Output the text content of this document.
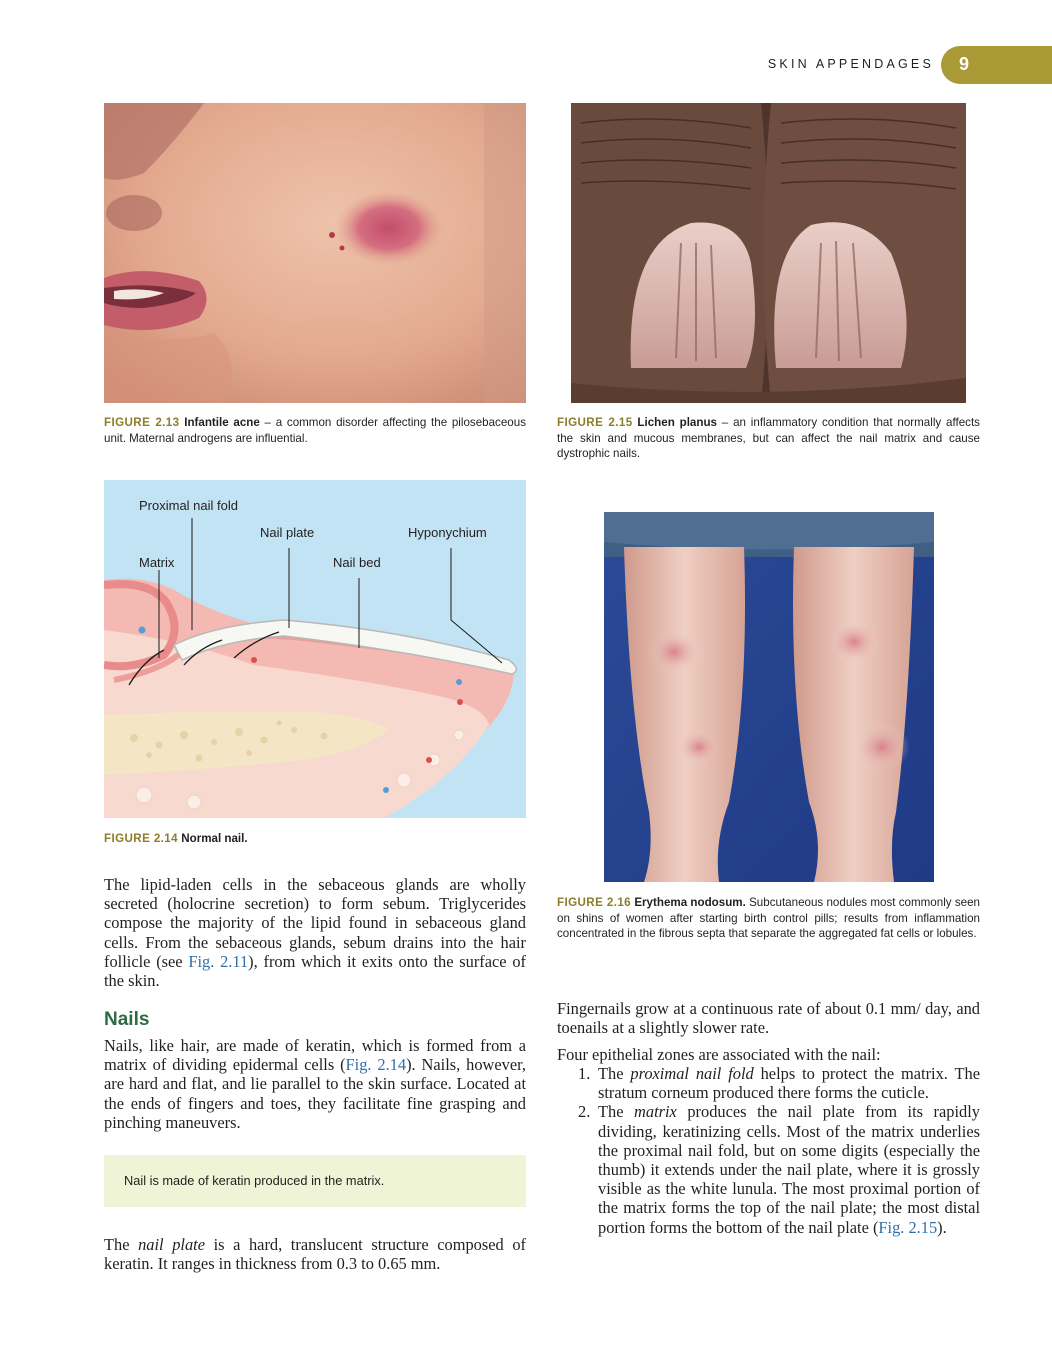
SKIN APPENDAGES 9
FIGURE 2.13 Infantile acne – a common disorder affecting the pilosebaceous unit. Maternal androgens are influential.
FIGURE 2.15 Lichen planus – an inflammatory condition that normally affects the skin and mucous membranes, but can affect the nail matrix and cause dystrophic nails.
Proximal nail fold
Nail plate	Hyponychium
Matrix	Nail bed
FIGURE 2.14 Normal nail.
FIGURE 2.16 Erythema nodosum. Subcutaneous nodules most commonly seen on shins of women after starting birth control pills; results from inflammation concentrated in the fibrous septa that separate the aggregated fat cells or lobules.

The lipid-laden cells in the sebaceous glands are wholly secreted (holocrine secretion) to form sebum. Triglycerides compose the majority of the lipid found in sebaceous gland cells. From the sebaceous glands, sebum drains into the hair follicle (see Fig. 2.11), from which it exits onto the surface of the skin.

Nails

Nails, like hair, are made of keratin, which is formed from a matrix of dividing epidermal cells (Fig. 2.14). Nails, however, are hard and flat, and lie parallel to the skin surface. Located at the ends of fingers and toes, they facilitate fine grasping and pinching maneuvers.

Nail is made of keratin produced in the matrix.

The nail plate is a hard, translucent structure composed of keratin. It ranges in thickness from 0.3 to 0.65 mm.

Fingernails grow at a continuous rate of about 0.1 mm/ day, and toenails at a slightly slower rate.

Four epithelial zones are associated with the nail:

1. The proximal nail fold helps to protect the matrix. The stratum corneum produced there forms the cuticle.
2. The matrix produces the nail plate from its rapidly dividing, keratinizing cells. Most of the matrix underlies the proximal nail fold, but on some digits (especially the thumb) it extends under the nail plate, where it is grossly visible as the white lunula. The most proximal portion of the matrix forms the top of the nail plate; the most distal portion forms the bottom of the nail plate (Fig. 2.15).
